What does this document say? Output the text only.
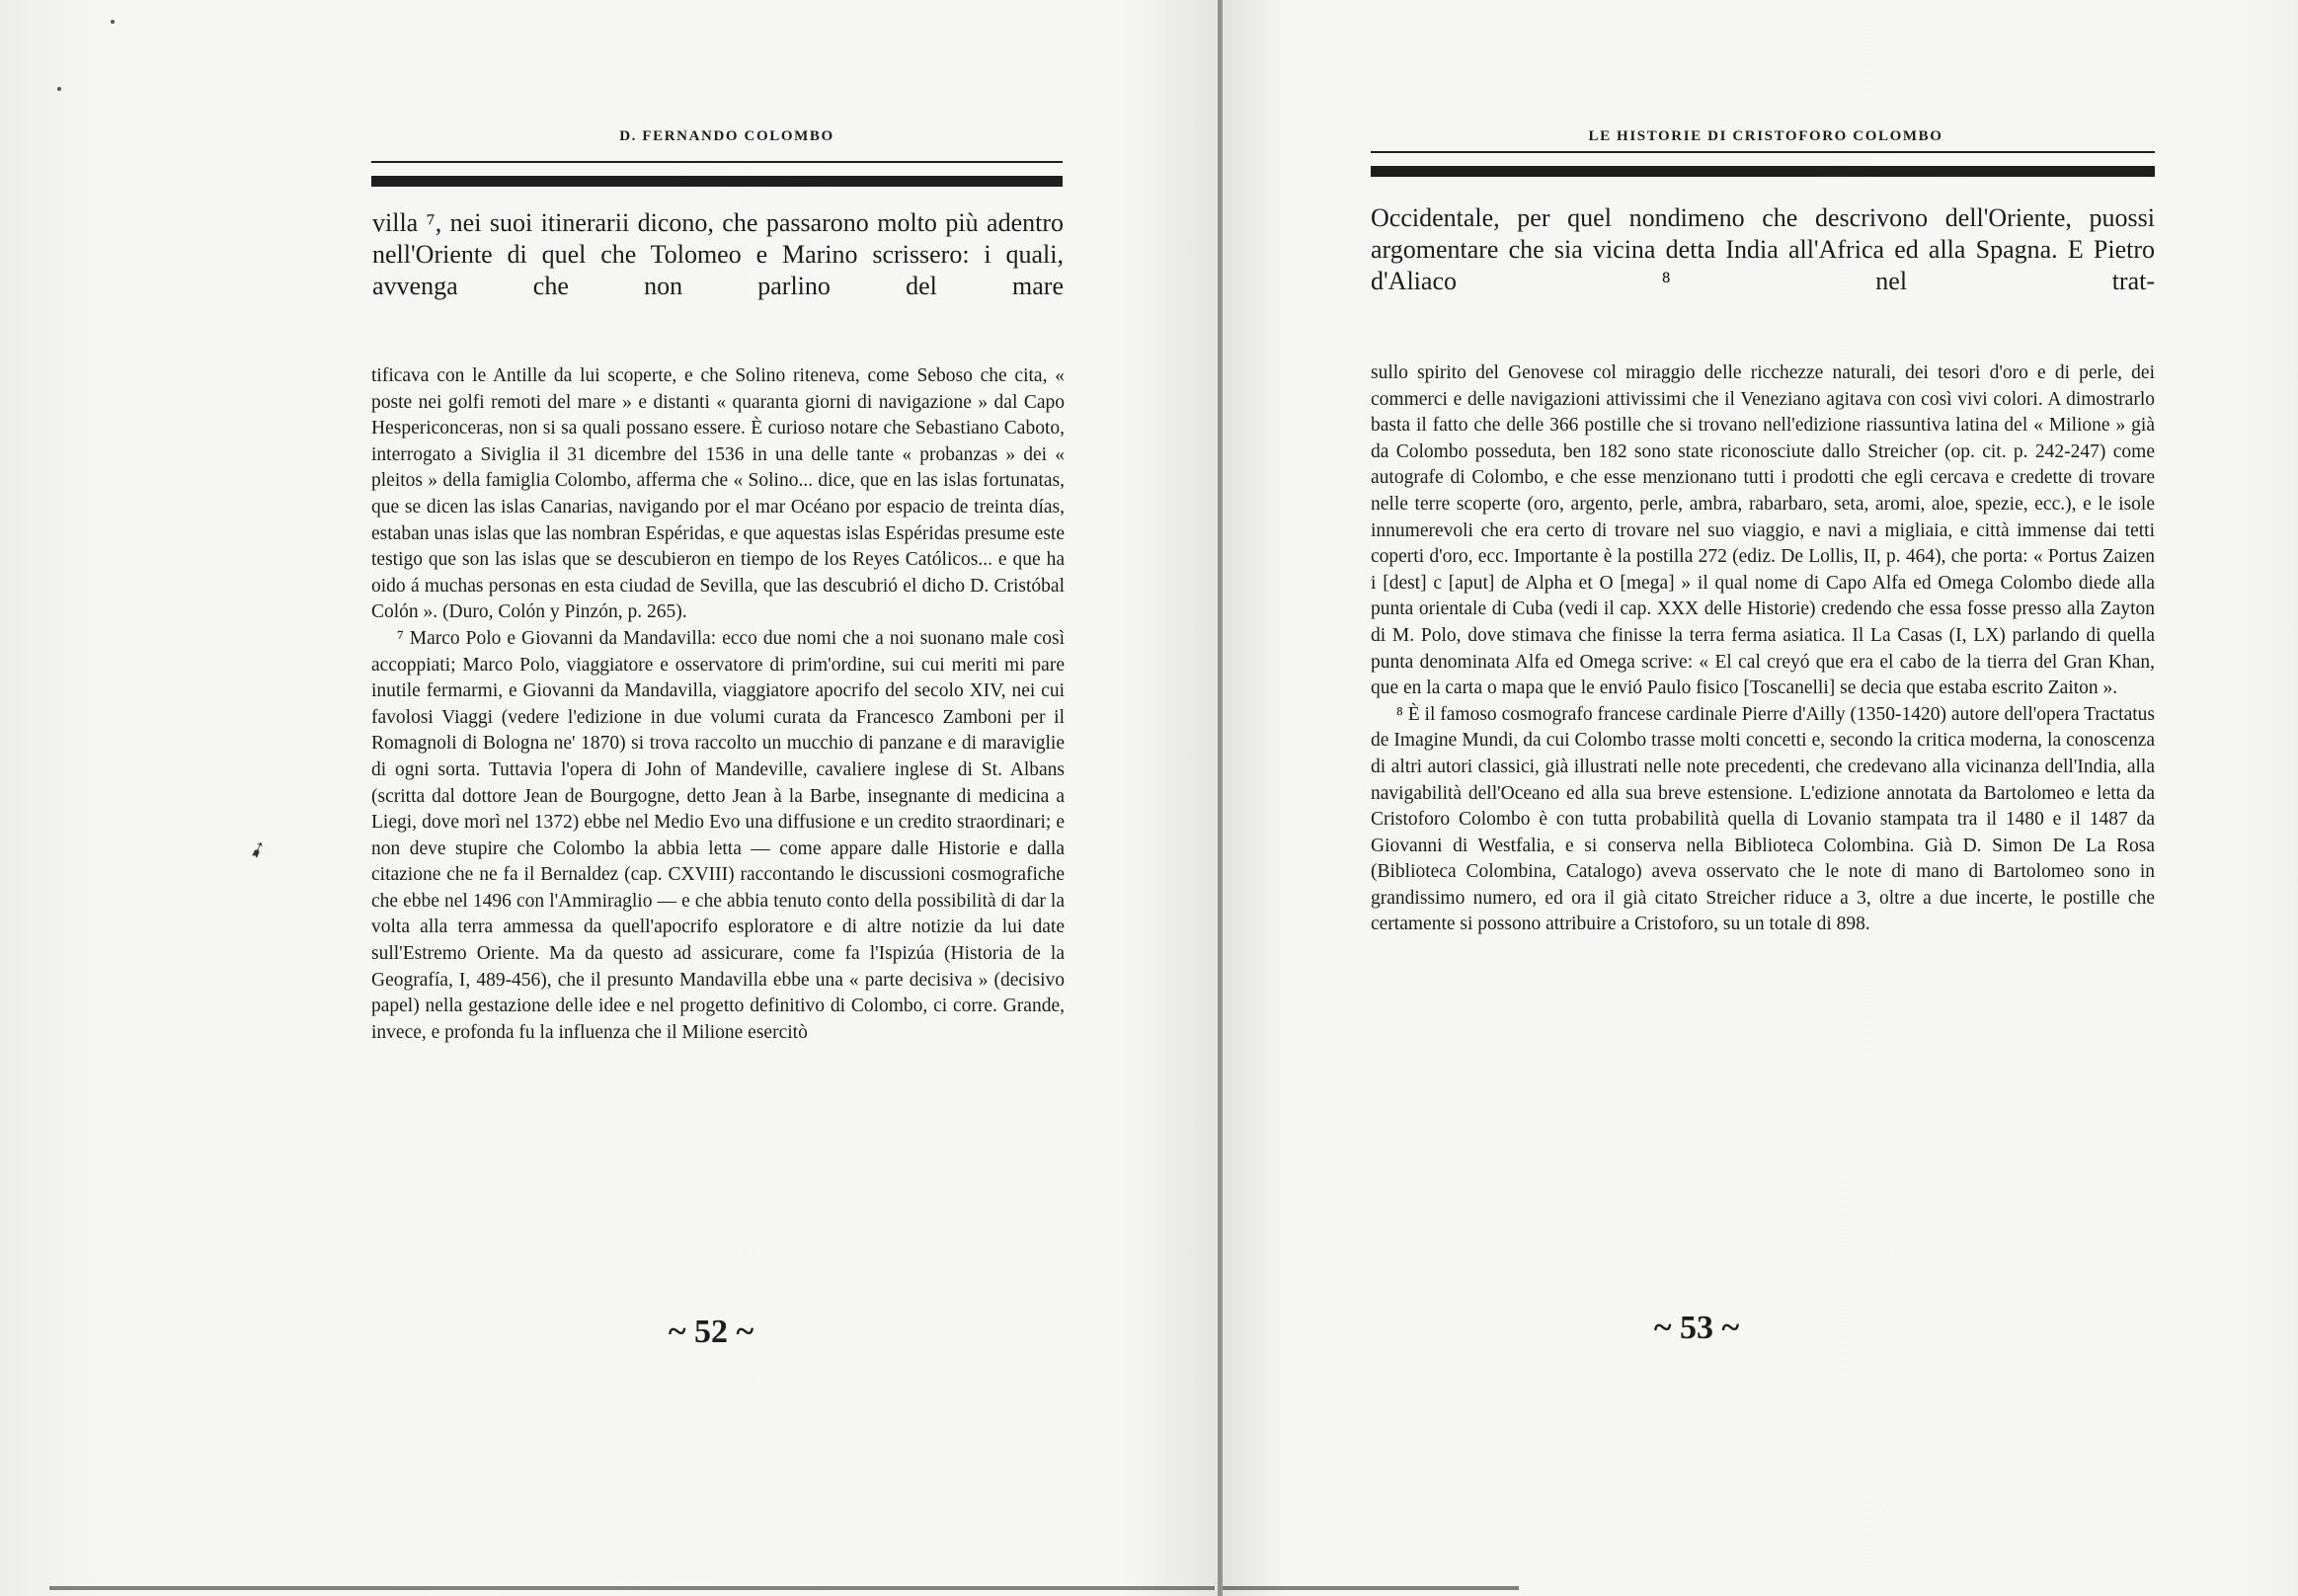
D. FERNANDO COLOMBO

villa ⁷, nei suoi itinerarii dicono, che passarono molto più adentro nell'Oriente di quel che Tolomeo e Marino scrissero: i quali, avvenga che non parlino del mare

tificava con le Antille da lui scoperte, e che Solino riteneva, come Seboso che cita, « poste nei golfi remoti del mare » e distanti « quaranta giorni di navigazione » dal Capo Hespericonceras, non si sa quali possano essere. È curioso notare che Sebastiano Caboto, interrogato a Siviglia il 31 dicembre del 1536 in una delle tante « probanzas » dei « pleitos » della famiglia Colombo, afferma che « Solino... dice, que en las islas fortunatas, que se dicen las islas Canarias, navigando por el mar Océano por espacio de treinta días, estaban unas islas que las nombran Espéridas, e que aquestas islas Espéridas presume este testigo que son las islas que se descubieron en tiempo de los Reyes Católicos... e que ha oido á muchas personas en esta ciudad de Sevilla, que las descubrió el dicho D. Cristóbal Colón ». (Duro, Colón y Pinzón, p. 265).

⁷ Marco Polo e Giovanni da Mandavilla: ecco due nomi che a noi suonano male così accoppiati; Marco Polo, viaggiatore e osservatore di prim'ordine, sui cui meriti mi pare inutile fermarmi, e Giovanni da Mandavilla, viaggiatore apocrifo del secolo XIV, nei cui favolosi Viaggi (vedere l'edizione in due volumi curata da Francesco Zamboni per il Romagnoli di Bologna ne' 1870) si trova raccolto un mucchio di panzane e di maraviglie di ogni sorta. Tuttavia l'opera di John of Mandeville, cavaliere inglese di St. Albans (scritta dal dottore Jean de Bourgogne, detto Jean à la Barbe, insegnante di medicina a Liegi, dove morì nel 1372) ebbe nel Medio Evo una diffusione e un credito straordinari; e non deve stupire che Colombo la abbia letta — come appare dalle Historie e dalla citazione che ne fa il Bernaldez (cap. CXVIII) raccontando le discussioni cosmografiche che ebbe nel 1496 con l'Ammiraglio — e che abbia tenuto conto della possibilità di dar la volta alla terra ammessa da quell'apocrifo esploratore e di altre notizie da lui date sull'Estremo Oriente. Ma da questo ad assicurare, come fa l'Ispizúa (Historia de la Geografía, I, 489-456), che il presunto Mandavilla ebbe una « parte decisiva » (decisivo papel) nella gestazione delle idee e nel progetto definitivo di Colombo, ci corre. Grande, invece, e profonda fu la influenza che il Milione esercitò

~ 52 ~
➹
LE HISTORIE DI CRISTOFORO COLOMBO

Occidentale, per quel nondimeno che descrivono dell'Oriente, puossi argomentare che sia vicina detta India all'Africa ed alla Spagna. E Pietro d'Aliaco ⁸ nel trat-

sullo spirito del Genovese col miraggio delle ricchezze naturali, dei tesori d'oro e di perle, dei commerci e delle navigazioni attivissimi che il Veneziano agitava con così vivi colori. A dimostrarlo basta il fatto che delle 366 postille che si trovano nell'edizione riassuntiva latina del « Milione » già da Colombo posseduta, ben 182 sono state riconosciute dallo Streicher (op. cit. p. 242-247) come autografe di Colombo, e che esse menzionano tutti i prodotti che egli cercava e credette di trovare nelle terre scoperte (oro, argento, perle, ambra, rabarbaro, seta, aromi, aloe, spezie, ecc.), e le isole innumerevoli che era certo di trovare nel suo viaggio, e navi a migliaia, e città immense dai tetti coperti d'oro, ecc. Importante è la postilla 272 (ediz. De Lollis, II, p. 464), che porta: « Portus Zaizen i [dest] c [aput] de Alpha et O [mega] » il qual nome di Capo Alfa ed Omega Colombo diede alla punta orientale di Cuba (vedi il cap. XXX delle Historie) credendo che essa fosse presso alla Zayton di M. Polo, dove stimava che finisse la terra ferma asiatica. Il La Casas (I, LX) parlando di quella punta denominata Alfa ed Omega scrive: « El cal creyó que era el cabo de la tierra del Gran Khan, que en la carta o mapa que le envió Paulo fisico [Toscanelli] se decia que estaba escrito Zaiton ».

⁸ È il famoso cosmografo francese cardinale Pierre d'Ailly (1350-1420) autore dell'opera Tractatus de Imagine Mundi, da cui Colombo trasse molti concetti e, secondo la critica moderna, la conoscenza di altri autori classici, già illustrati nelle note precedenti, che credevano alla vicinanza dell'India, alla navigabilità dell'Oceano ed alla sua breve estensione. L'edizione annotata da Bartolomeo e letta da Cristoforo Colombo è con tutta probabilità quella di Lovanio stampata tra il 1480 e il 1487 da Giovanni di Westfalia, e si conserva nella Biblioteca Colombina. Già D. Simon De La Rosa (Biblioteca Colombina, Catalogo) aveva osservato che le note di mano di Bartolomeo sono in grandissimo numero, ed ora il già citato Streicher riduce a 3, oltre a due incerte, le postille che certamente si possono attribuire a Cristoforo, su un totale di 898.

~ 53 ~
